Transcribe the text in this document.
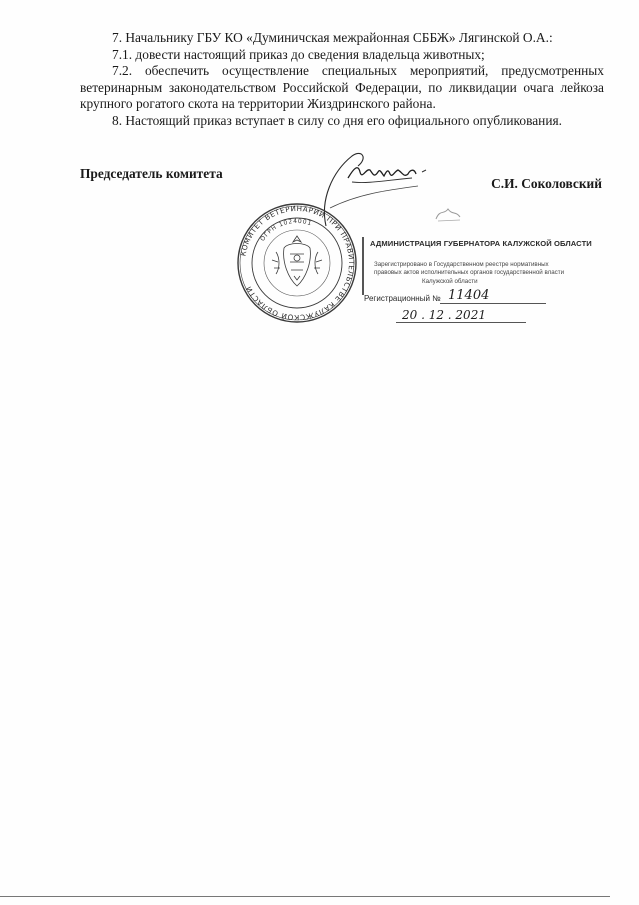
7. Начальнику ГБУ КО «Думиничская межрайонная СББЖ» Лягинской О.А.:

7.1. довести настоящий приказ до сведения владельца животных;

7.2. обеспечить осуществление специальных мероприятий, предусмотренных ветеринарным законодательством Российской Федерации, по ликвидации очага лейкоза крупного рогатого скота на территории Жиздринского района.

8. Настоящий приказ вступает в силу со дня его официального опубликования.

Председатель комитета
С.И. Соколовский
КОМИТЕТ ВЕТЕРИНАРИИ ПРИ ПРАВИТЕЛЬСТВЕ КАЛУЖСКОЙ ОБЛАСТИ
ОГРН 1024001
АДМИНИСТРАЦИЯ ГУБЕРНАТОРА КАЛУЖСКОЙ ОБЛАСТИ
Зарегистрировано в Государственном реестре нормативных
правовых актов исполнительных органов государственной власти
Калужской области
Регистрационный № 11404
20 . 12 . 2021
